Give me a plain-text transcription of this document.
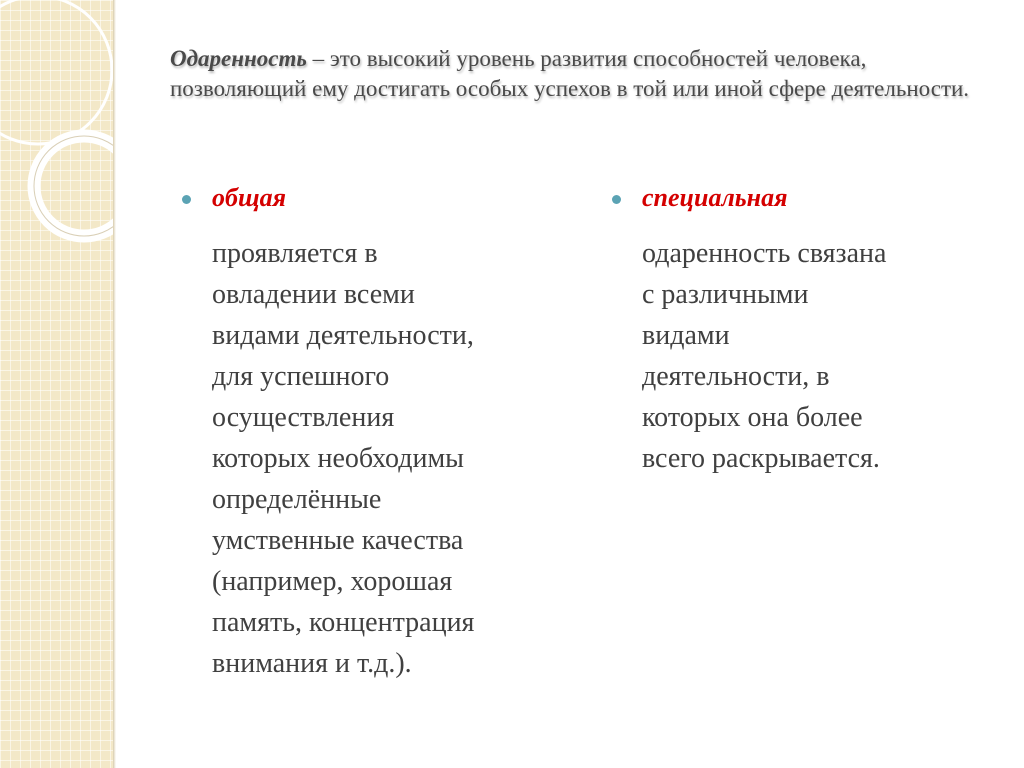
Одаренность – это высокий уровень развития способностей человека, позволяющий ему достигать особых успехов в той или иной сфере деятельности.
общая
проявляется в
овладении всеми
видами деятельности,
для успешного
осуществления
которых необходимы
определённые
умственные качества
(например, хорошая
память, концентрация
внимания и т.д.).
специальная
одаренность связана
с различными
видами
деятельности, в
которых она более
всего раскрывается.
